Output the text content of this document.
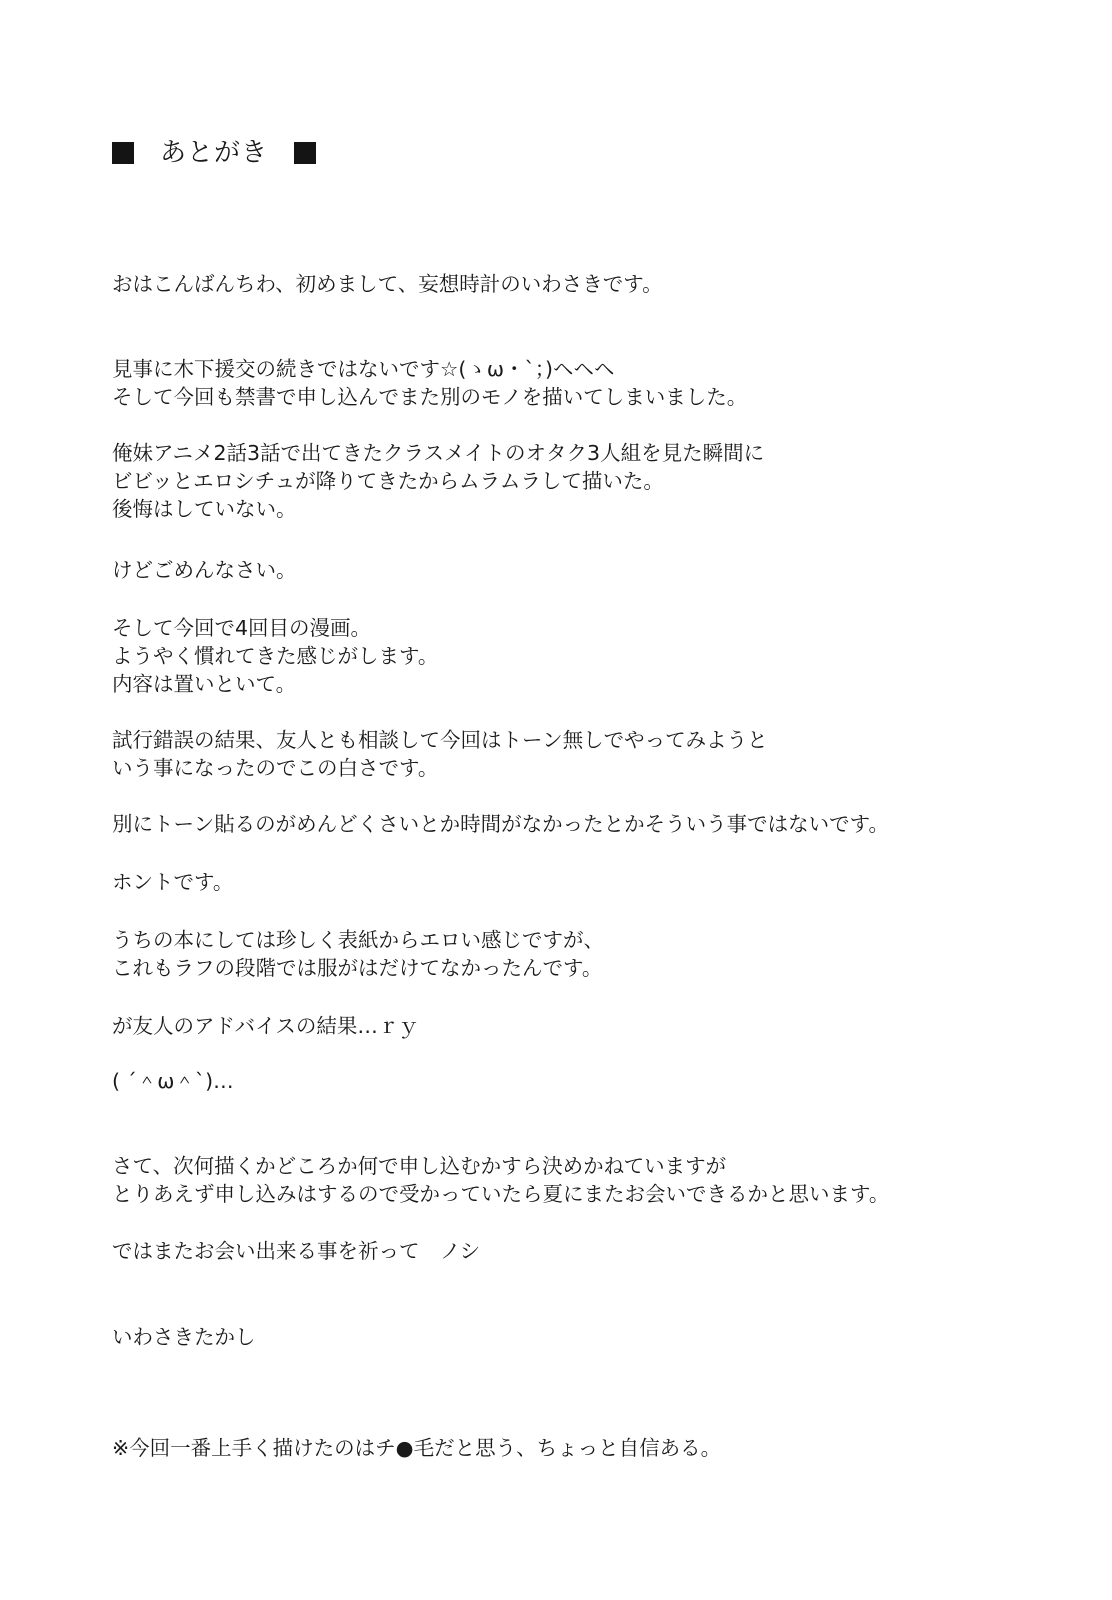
あとがき
おはこんばんちわ、初めまして、妄想時計のいわさきです。
見事に木下援交の続きではないです☆(ゝω・`；)ヘヘヘ
そして今回も禁書で申し込んでまた別のモノを描いてしまいました。
俺妹アニメ2話3話で出てきたクラスメイトのオタク3人組を見た瞬間に
ビビッとエロシチュが降りてきたからムラムラして描いた。
後悔はしていない。
けどごめんなさい。
そして今回で4回目の漫画。
ようやく慣れてきた感じがします。
内容は置いといて。
試行錯誤の結果、友人とも相談して今回はトーン無しでやってみようと
いう事になったのでこの白さです。
別にトーン貼るのがめんどくさいとか時間がなかったとかそういう事ではないです。
ホントです。
うちの本にしては珍しく表紙からエロい感じですが、
これもラフの段階では服がはだけてなかったんです。
が友人のアドバイスの結果…ｒｙ
( ´＾ω＾`)…
さて、次何描くかどころか何で申し込むかすら決めかねていますが
とりあえず申し込みはするので受かっていたら夏にまたお会いできるかと思います。
ではまたお会い出来る事を祈って　ノシ
いわさきたかし
※今回一番上手く描けたのはチ●毛だと思う、ちょっと自信ある。
